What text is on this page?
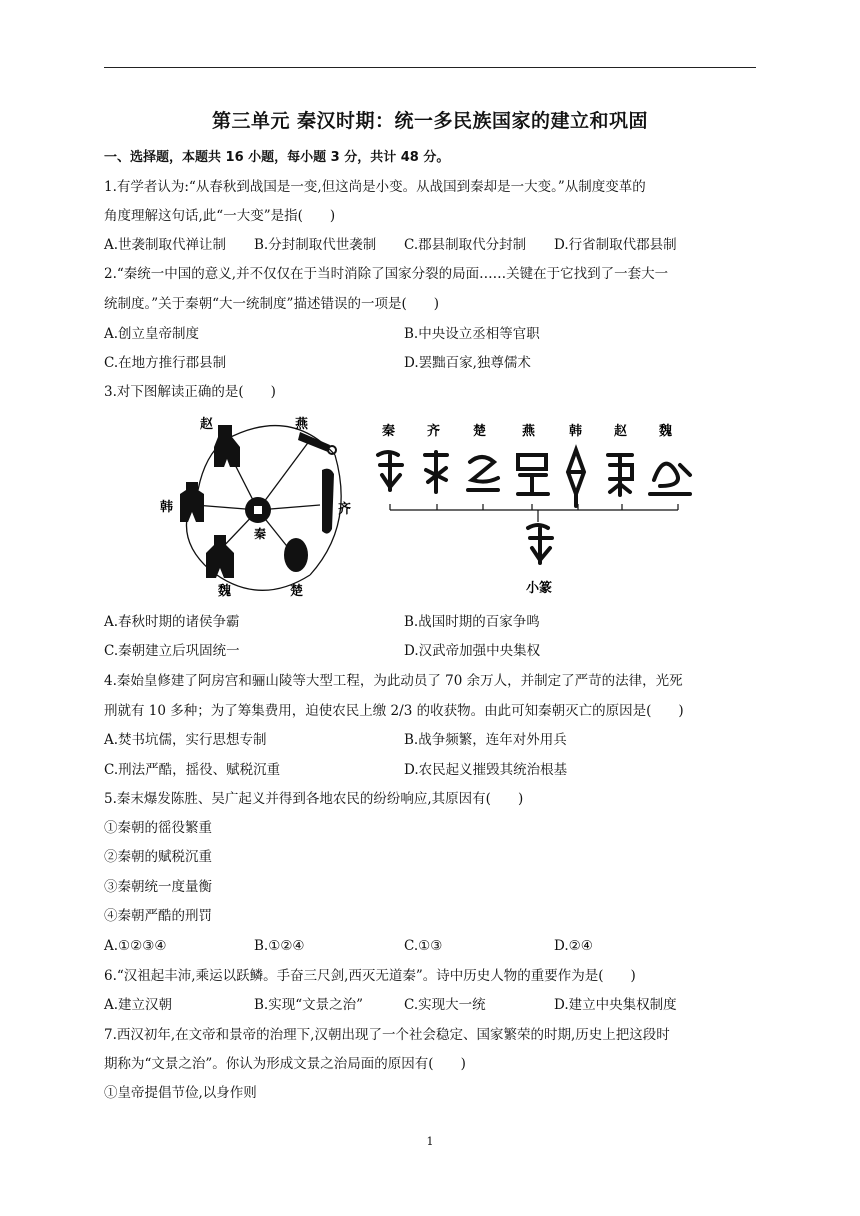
第三单元 秦汉时期：统一多民族国家的建立和巩固
一、选择题，本题共 16 小题，每小题 3 分，共计 48 分。
1.有学者认为:“从春秋到战国是一变,但这尚是小变。从战国到秦却是一大变。”从制度变革的
角度理解这句话,此“一大变”是指(　　)
A.世袭制取代禅让制 B.分封制取代世袭制 C.郡县制取代分封制 D.行省制取代郡县制
2.“秦统一中国的意义,并不仅仅在于当时消除了国家分裂的局面……关键在于它找到了一套大一
统制度。”关于秦朝“大一统制度”描述错误的一项是(　　)
A.创立皇帝制度	B.中央设立丞相等官职
C.在地方推行郡县制	D.罢黜百家,独尊儒术
3.对下图解读正确的是(　　)
赵	燕
韩	齐
秦
魏	楚
秦 齐	楚	燕	韩 赵 魏
小篆
A.春秋时期的诸侯争霸	B.战国时期的百家争鸣
C.秦朝建立后巩固统一	D.汉武帝加强中央集权
4.秦始皇修建了阿房宫和骊山陵等大型工程，为此动员了 70 余万人，并制定了严苛的法律，光死
刑就有 10 多种；为了筹集费用，迫使农民上缴 2/3 的收获物。由此可知秦朝灭亡的原因是(　　)
A.焚书坑儒，实行思想专制	B.战争频繁，连年对外用兵
C.刑法严酷，摇役、赋税沉重	D.农民起义摧毁其统治根基
5.秦末爆发陈胜、吴广起义并得到各地农民的纷纷响应,其原因有(　　)
①秦朝的徭役繁重
②秦朝的赋税沉重
③秦朝统一度量衡
④秦朝严酷的刑罚
A.①②③④	B.①②④	C.①③	D.②④
6.“汉祖起丰沛,乘运以跃鳞。手奋三尺剑,西灭无道秦”。诗中历史人物的重要作为是(　　)
A.建立汉朝	B.实现“文景之治”	C.实现大一统	D.建立中央集权制度
7.西汉初年,在文帝和景帝的治理下,汉朝出现了一个社会稳定、国家繁荣的时期,历史上把这段时
期称为“文景之治”。你认为形成文景之治局面的原因有(　　)
①皇帝提倡节俭,以身作则
1
